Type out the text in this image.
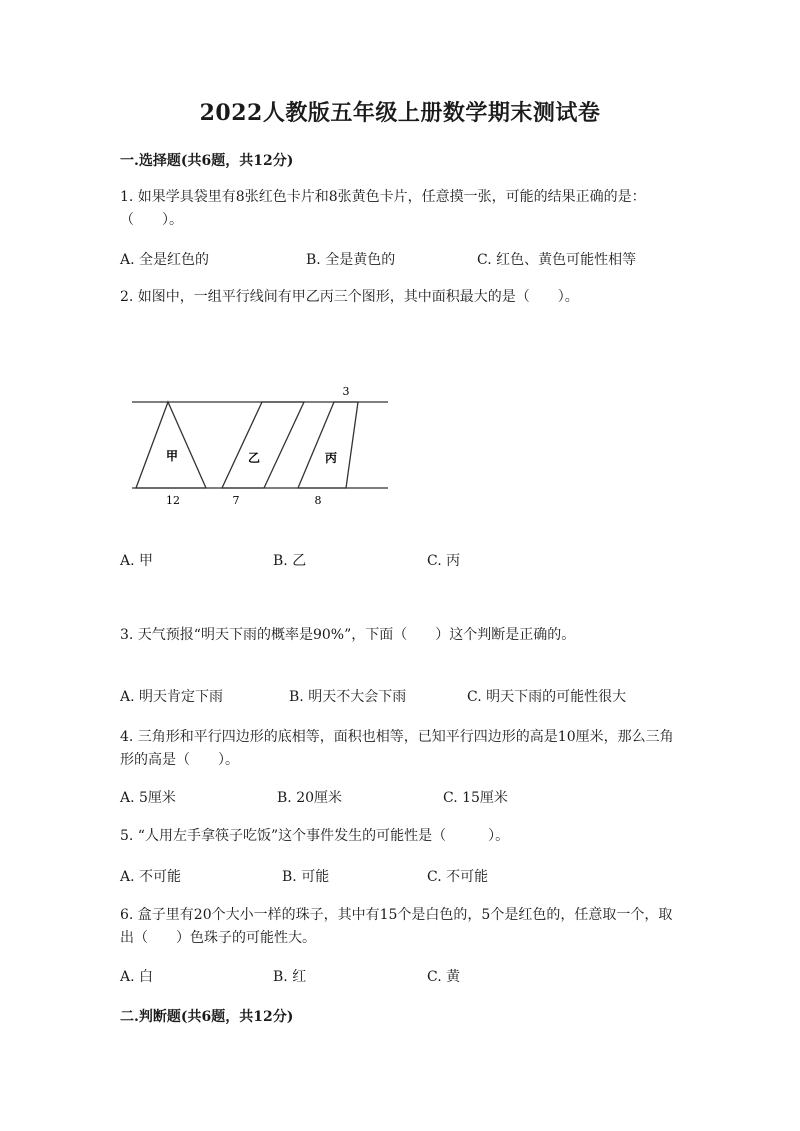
2022人教版五年级上册数学期末测试卷
一.选择题(共6题，共12分)
1. 如果学具袋里有8张红色卡片和8张黄色卡片，任意摸一张，可能的结果正确的是：（　　）。
A. 全是红色的	B. 全是黄色的	C. 红色、黄色可能性相等
2. 如图中，一组平行线间有甲乙丙三个图形，其中面积最大的是（　　）。
甲	乙	丙
12	7	8
3
A. 甲	B. 乙	C. 丙
3. 天气预报“明天下雨的概率是90%”，下面（　　）这个判断是正确的。
A. 明天肯定下雨	B. 明天不大会下雨	C. 明天下雨的可能性很大
4. 三角形和平行四边形的底相等，面积也相等，已知平行四边形的高是10厘米，那么三角形的高是（　　）。
A. 5厘米	B. 20厘米	C. 15厘米
5. “人用左手拿筷子吃饭”这个事件发生的可能性是（　　　）。
A. 不可能	B. 可能	C. 不可能
6. 盒子里有20个大小一样的珠子，其中有15个是白色的，5个是红色的，任意取一个，取出（　　）色珠子的可能性大。
A. 白	B. 红	C. 黄
二.判断题(共6题，共12分)
